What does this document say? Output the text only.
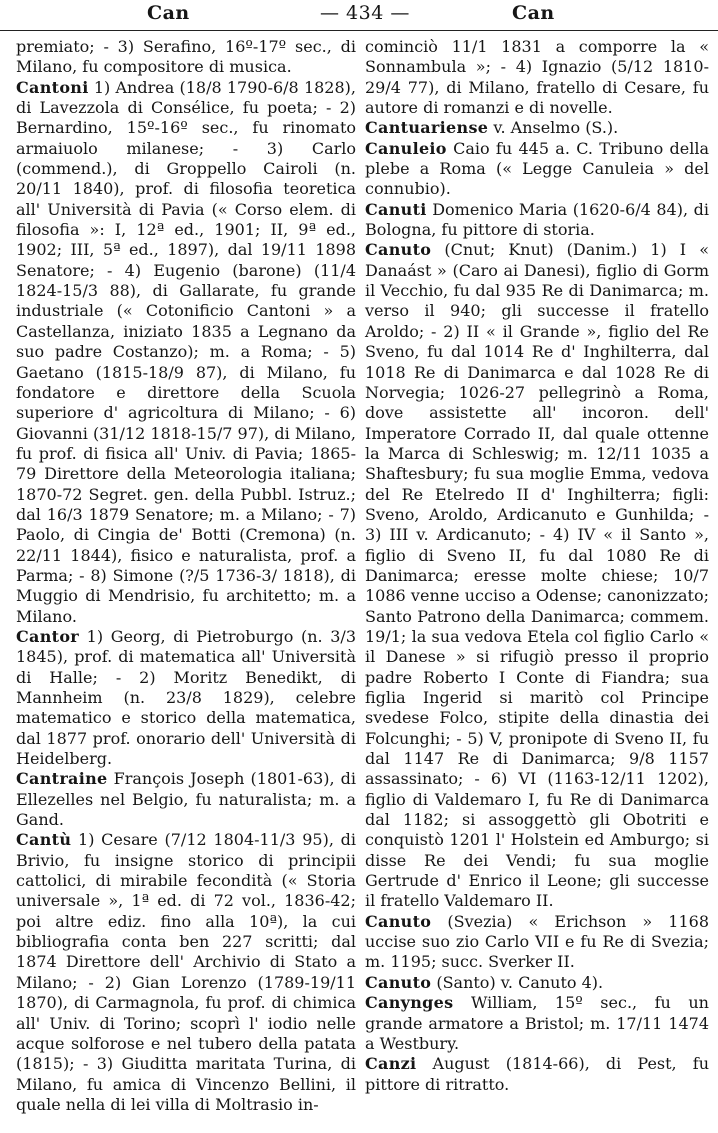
Can	— 434 —	Can

premiato; - 3) Serafino, 16º-17º sec., di Milano, fu compositore di musica.

Cantoni 1) Andrea (18/8 1790-6/8 1828), di Lavezzola di Consélice, fu poeta; - 2) Bernardino, 15º-16º sec., fu rinomato armaiuolo milanese; - 3) Carlo (commend.), di Groppello Cairoli (n. 20/11 1840), prof. di filosofia teoretica all' Università di Pavia (« Corso elem. di filosofia »: I, 12ª ed., 1901; II, 9ª ed., 1902; III, 5ª ed., 1897), dal 19/11 1898 Senatore; - 4) Eugenio (barone) (11/4 1824-15/3 88), di Gallarate, fu grande industriale (« Cotonificio Cantoni » a Castellanza, iniziato 1835 a Legnano da suo padre Costanzo); m. a Roma; - 5) Gaetano (1815-18/9 87), di Milano, fu fondatore e direttore della Scuola superiore d' agricoltura di Milano; - 6) Giovanni (31/12 1818-15/7 97), di Milano, fu prof. di fisica all' Univ. di Pavia; 1865-79 Direttore della Meteorologia italiana; 1870-72 Segret. gen. della Pubbl. Istruz.; dal 16/3 1879 Senatore; m. a Milano; - 7) Paolo, di Cingia de' Botti (Cremona) (n. 22/11 1844), fisico e naturalista, prof. a Parma; - 8) Simone (?/5 1736-3/ 1818), di Muggio di Mendrisio, fu architetto; m. a Milano.

Cantor 1) Georg, di Pietroburgo (n. 3/3 1845), prof. di matematica all' Università di Halle; - 2) Moritz Benedikt, di Mannheim (n. 23/8 1829), celebre matematico e storico della matematica, dal 1877 prof. onorario dell' Università di Heidelberg.

Cantraine François Joseph (1801-63), di Ellezelles nel Belgio, fu naturalista; m. a Gand.

Cantù 1) Cesare (7/12 1804-11/3 95), di Brivio, fu insigne storico di principii cattolici, di mirabile fecondità (« Storia universale », 1ª ed. di 72 vol., 1836-42; poi altre ediz. fino alla 10ª), la cui bibliografia conta ben 227 scritti; dal 1874 Direttore dell' Archivio di Stato a Milano; - 2) Gian Lorenzo (1789-19/11 1870), di Carmagnola, fu prof. di chimica all' Univ. di Torino; scoprì l' iodio nelle acque solforose e nel tubero della patata (1815); - 3) Giuditta maritata Turina, di Milano, fu amica di Vincenzo Bellini, il quale nella di lei villa di Moltrasio in-

cominciò 11/1 1831 a comporre la « Sonnambula »; - 4) Ignazio (5/12 1810-29/4 77), di Milano, fratello di Cesare, fu autore di romanzi e di novelle.

Cantuariense v. Anselmo (S.).

Canuleio Caio fu 445 a. C. Tribuno della plebe a Roma (« Legge Canuleia » del connubio).

Canuti Domenico Maria (1620-6/4 84), di Bologna, fu pittore di storia.

Canuto (Cnut; Knut) (Danim.) 1) I « Danaást » (Caro ai Danesi), figlio di Gorm il Vecchio, fu dal 935 Re di Danimarca; m. verso il 940; gli successe il fratello Aroldo; - 2) II « il Grande », figlio del Re Sveno, fu dal 1014 Re d' Inghilterra, dal 1018 Re di Danimarca e dal 1028 Re di Norvegia; 1026-27 pellegrinò a Roma, dove assistette all' incoron. dell' Imperatore Corrado II, dal quale ottenne la Marca di Schleswig; m. 12/11 1035 a Shaftesbury; fu sua moglie Emma, vedova del Re Etelredo II d' Inghilterra; figli: Sveno, Aroldo, Ardicanuto e Gunhilda; - 3) III v. Ardicanuto; - 4) IV « il Santo », figlio di Sveno II, fu dal 1080 Re di Danimarca; eresse molte chiese; 10/7 1086 venne ucciso a Odense; canonizzato; Santo Patrono della Danimarca; commem. 19/1; la sua vedova Etela col figlio Carlo « il Danese » si rifugiò presso il proprio padre Roberto I Conte di Fiandra; sua figlia Ingerid si maritò col Principe svedese Folco, stipite della dinastia dei Folcunghi; - 5) V, pronipote di Sveno II, fu dal 1147 Re di Danimarca; 9/8 1157 assassinato; - 6) VI (1163-12/11 1202), figlio di Valdemaro I, fu Re di Danimarca dal 1182; si assoggettò gli Obotriti e conquistò 1201 l' Holstein ed Amburgo; si disse Re dei Vendi; fu sua moglie Gertrude d' Enrico il Leone; gli successe il fratello Valdemaro II.

Canuto (Svezia) « Erichson » 1168 uccise suo zio Carlo VII e fu Re di Svezia; m. 1195; succ. Sverker II.

Canuto (Santo) v. Canuto 4).

Canynges William, 15º sec., fu un grande armatore a Bristol; m. 17/11 1474 a Westbury.

Canzi August (1814-66), di Pest, fu pittore di ritratto.
